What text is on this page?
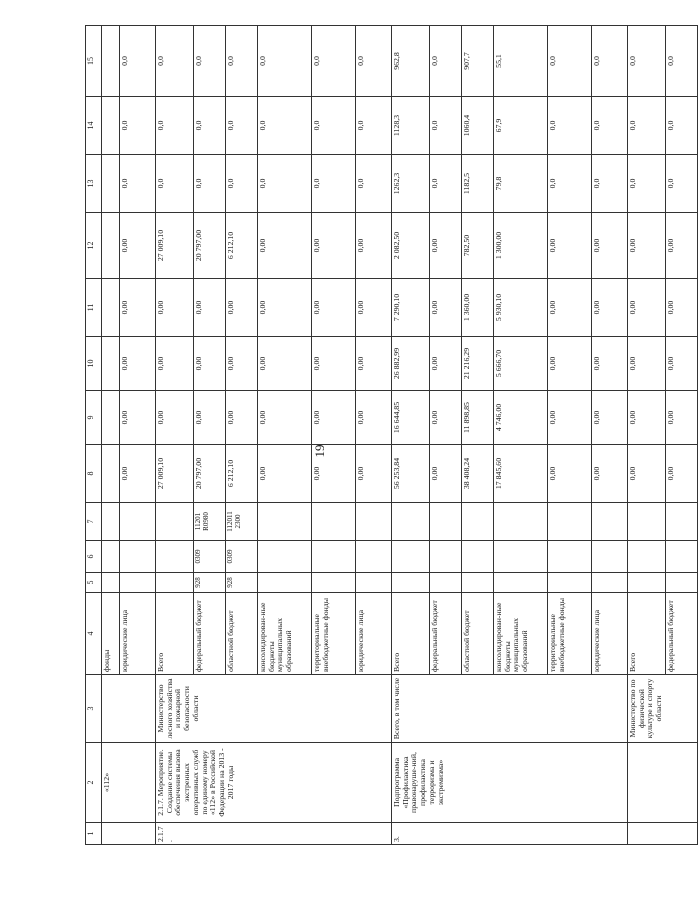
19
1	2	3	4	5	6	7	8	9	10	11	12	13	14	15
	«112»		фонды											
			юридические лица				0,00	0,00	0,00	0,00	0,00	0,0	0,0	0,0
2.1.7.	2.1.7. Мероприятие. Создание системы обеспечения вызова экстренных оперативных служб по единому номеру «112» в Российской Федерации на 2013 - 2017 годы	Министерство лесного хозяйства и пожарной безопасности области	Всего				27 009,10	0,00	0,00	0,00	27 009,10	0,0	0,0	0,0
			федеральный бюджет	928	0309	11201 R0980	20 797,00	0,00	0,00	0,00	20 797,00	0,0	0,0	0,0
			областной бюджет	928	0309	112011 2300	6 212,10	0,00	0,00	0,00	6 212,10	0,0	0,0	0,0
			консолидирован-ные бюджеты муниципальных образований				0,00	0,00	0,00	0,00	0,00	0,0	0,0	0,0
			территориальные внебюджетные фонды				0,00	0,00	0,00	0,00	0,00	0,0	0,0	0,0
			юридические лица				0,00	0,00	0,00	0,00	0,00	0,0	0,0	0,0
3.	Подпрограмма «Профилактика правонаруше-ний, профилактика терроризма и экстремизма»	Всего, в том числе	Всего				56 253,84	16 644,85	26 882,99	7 290,10	2 082,50	1262,3	1128,3	962,8
			федеральный бюджет				0,00	0,00	0,00	0,00	0,00	0,0	0,0	0,0
			областной бюджет				38 408,24	11 898,85	21 216,29	1 360,00	782,50	1182,5	1060,4	907,7
			консолидирован-ные бюджеты муниципальных образований				17 845,60	4 746,00	5 666,70	5 930,10	1 300,00	79,8	67,9	55,1
			территориальные внебюджетные фонды				0,00	0,00	0,00	0,00	0,00	0,0	0,0	0,0
			юридические лица				0,00	0,00	0,00	0,00	0,00	0,0	0,0	0,0
		Министерство по физической культуре и спорту области	Всего				0,00	0,00	0,00	0,00	0,00	0,0	0,0	0,0
			федеральный бюджет				0,00	0,00	0,00	0,00	0,00	0,0	0,0	0,0
